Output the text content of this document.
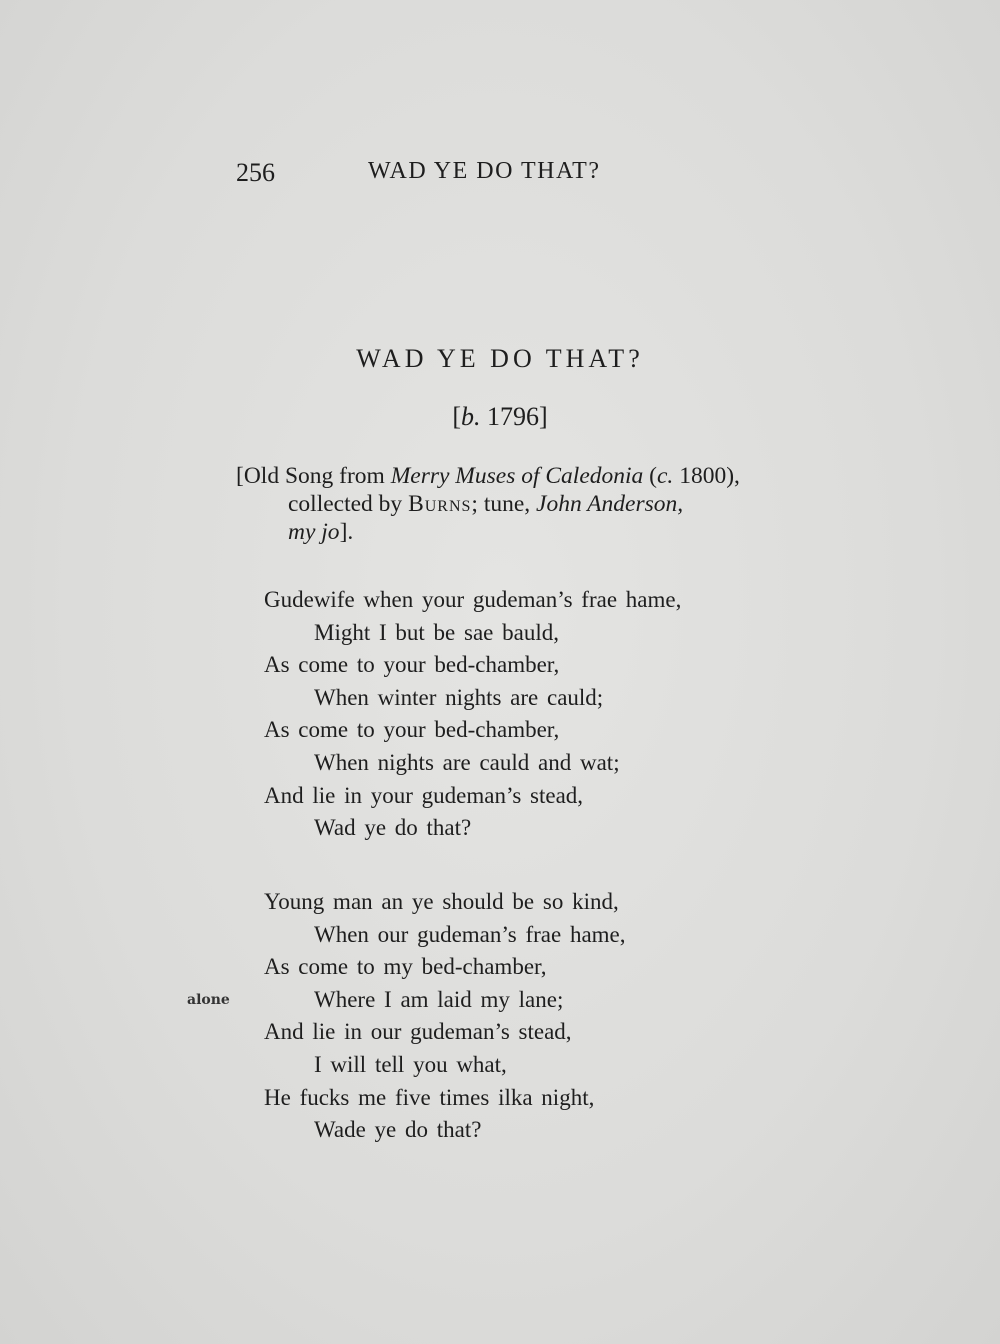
256	WAD YE DO THAT?
WAD YE DO THAT?
[b. 1796]
[Old Song from Merry Muses of Caledonia (c. 1800),
collected by Burns; tune, John Anderson,
my jo].
Gudewife when your gudeman’s frae hame,
Might I but be sae bauld,
As come to your bed-chamber,
When winter nights are cauld;
As come to your bed-chamber,
When nights are cauld and wat;
And lie in your gudeman’s stead,
Wad ye do that?
Young man an ye should be so kind,
When our gudeman’s frae hame,
As come to my bed-chamber,
Where I am laid my lane;
And lie in our gudeman’s stead,
I will tell you what,
He fucks me five times ilka night,
Wade ye do that?
alone
